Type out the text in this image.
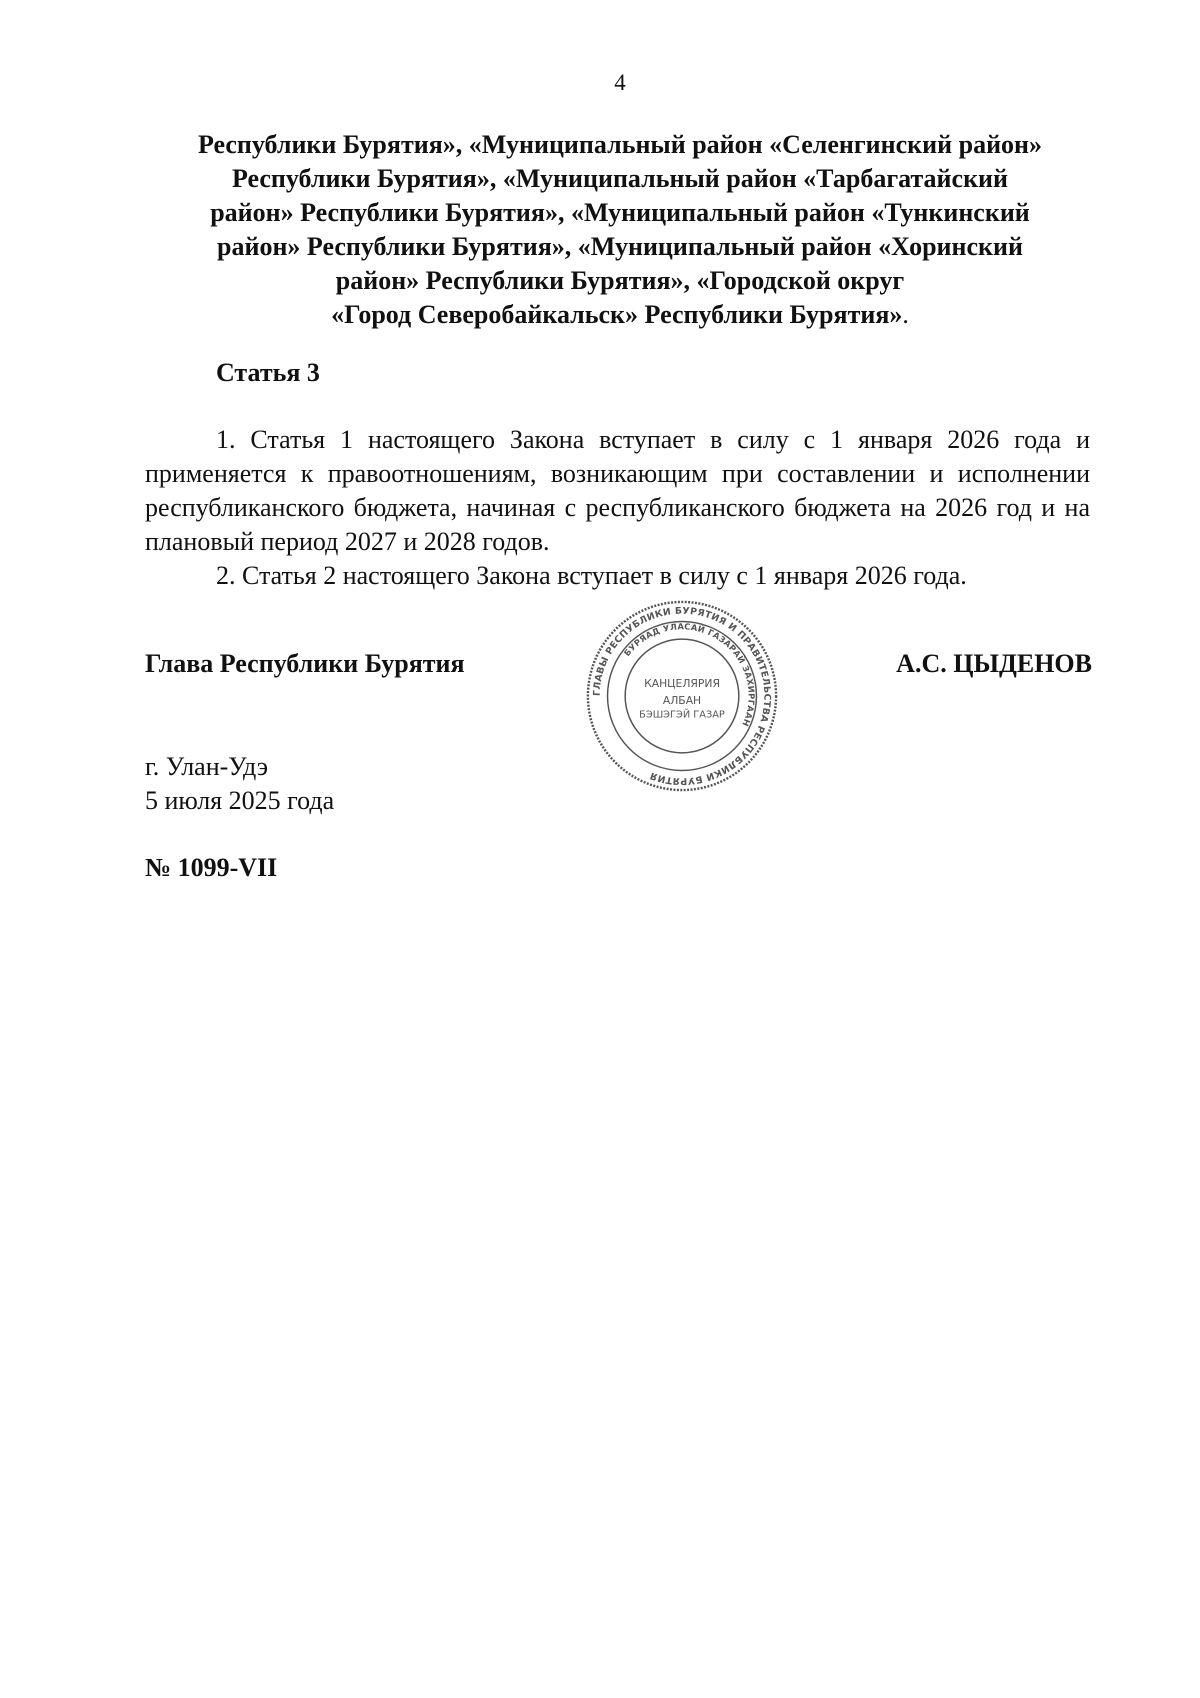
4
Республики Бурятия», «Муниципальный район «Селенгинский район»
Республики Бурятия», «Муниципальный район «Тарбагатайский
район» Республики Бурятия», «Муниципальный район «Тункинский
район» Республики Бурятия», «Муниципальный район «Хоринский
район» Республики Бурятия», «Городской округ
«Город Северобайкальск» Республики Бурятия».
Статья 3

1. Статья 1 настоящего Закона вступает в силу с 1 января 2026 года и применяется к правоотношениям, возникающим при составлении и исполнении республиканского бюджета, начиная с республиканского бюджета на 2026 год и на плановый период 2027 и 2028 годов.

2. Статья 2 настоящего Закона вступает в силу с 1 января 2026 года.

Глава Республики Бурятия
ГЛАВЫ РЕСПУБЛИКИ БУРЯТИЯ И ПРАВИТЕЛЬСТВА РЕСПУБЛИКИ БУРЯТИЯ
БУРЯАД УЛАСАЙ ГАЗАРАЙ ЗАХИРГААН
КАНЦЕЛЯРИЯ
АЛБАН
БЭШЭГЭЙ ГАЗАР
А.С. ЦЫДЕНОВ
г. Улан-Удэ
5 июля 2025 года
№ 1099-VII
